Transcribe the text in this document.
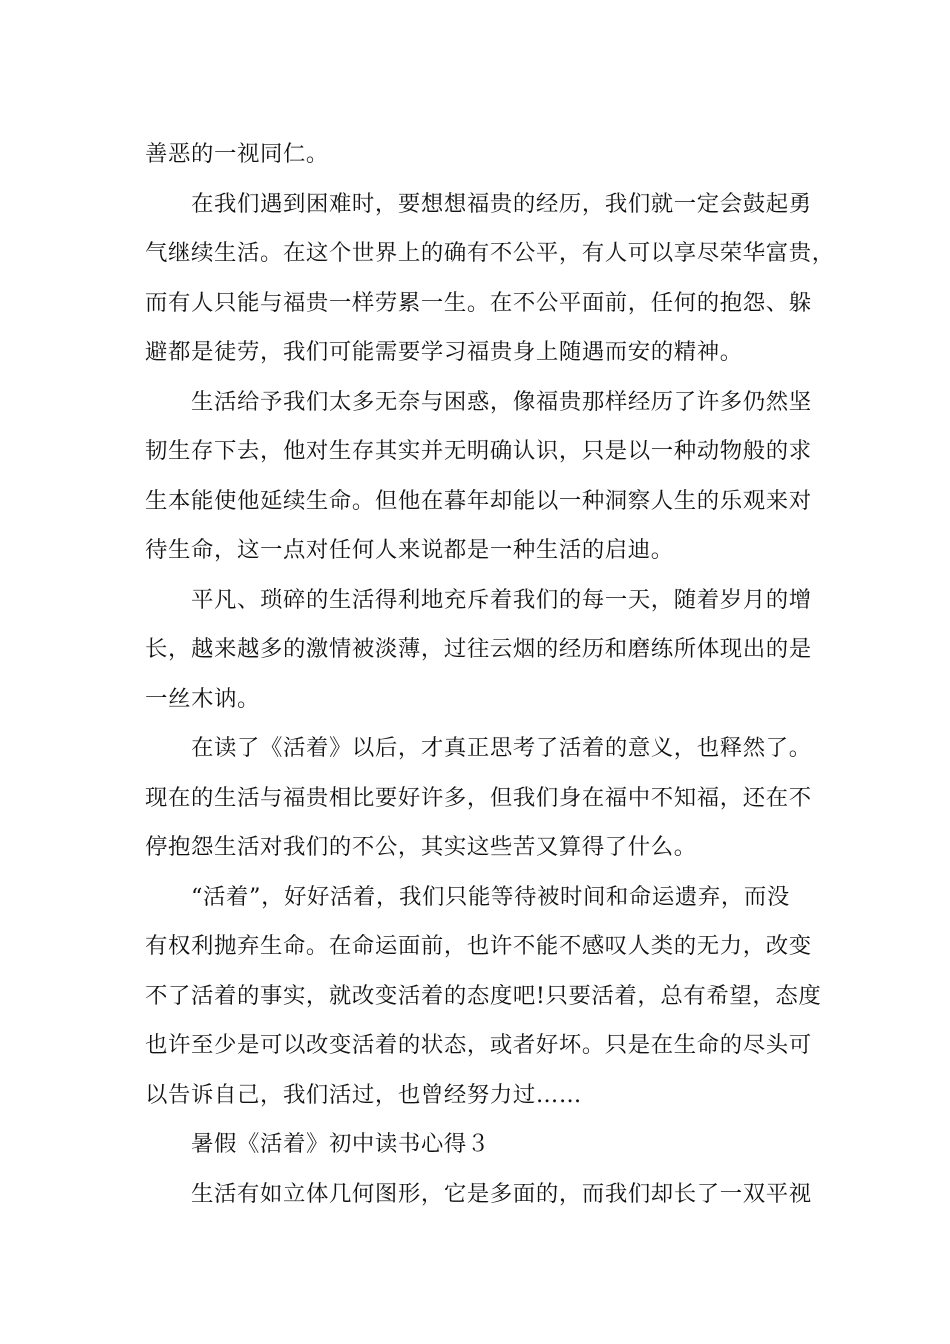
善恶的一视同仁。
在我们遇到困难时，要想想福贵的经历，我们就一定会鼓起勇
气继续生活。在这个世界上的确有不公平，有人可以享尽荣华富贵，
而有人只能与福贵一样劳累一生。在不公平面前，任何的抱怨、躲
避都是徒劳，我们可能需要学习福贵身上随遇而安的精神。
生活给予我们太多无奈与困惑，像福贵那样经历了许多仍然坚
韧生存下去，他对生存其实并无明确认识，只是以一种动物般的求
生本能使他延续生命。但他在暮年却能以一种洞察人生的乐观来对
待生命，这一点对任何人来说都是一种生活的启迪。
平凡、琐碎的生活得利地充斥着我们的每一天，随着岁月的增
长，越来越多的激情被淡薄，过往云烟的经历和磨练所体现出的是
一丝木讷。
在读了《活着》以后，才真正思考了活着的意义，也释然了。
现在的生活与福贵相比要好许多，但我们身在福中不知福，还在不
停抱怨生活对我们的不公，其实这些苦又算得了什么。
“活着”，好好活着，我们只能等待被时间和命运遗弃，而没
有权利抛弃生命。在命运面前，也许不能不感叹人类的无力，改变
不了活着的事实，就改变活着的态度吧!只要活着，总有希望，态度
也许至少是可以改变活着的状态，或者好坏。只是在生命的尽头可
以告诉自己，我们活过，也曾经努力过……
暑假《活着》初中读书心得３
生活有如立体几何图形，它是多面的，而我们却长了一双平视
